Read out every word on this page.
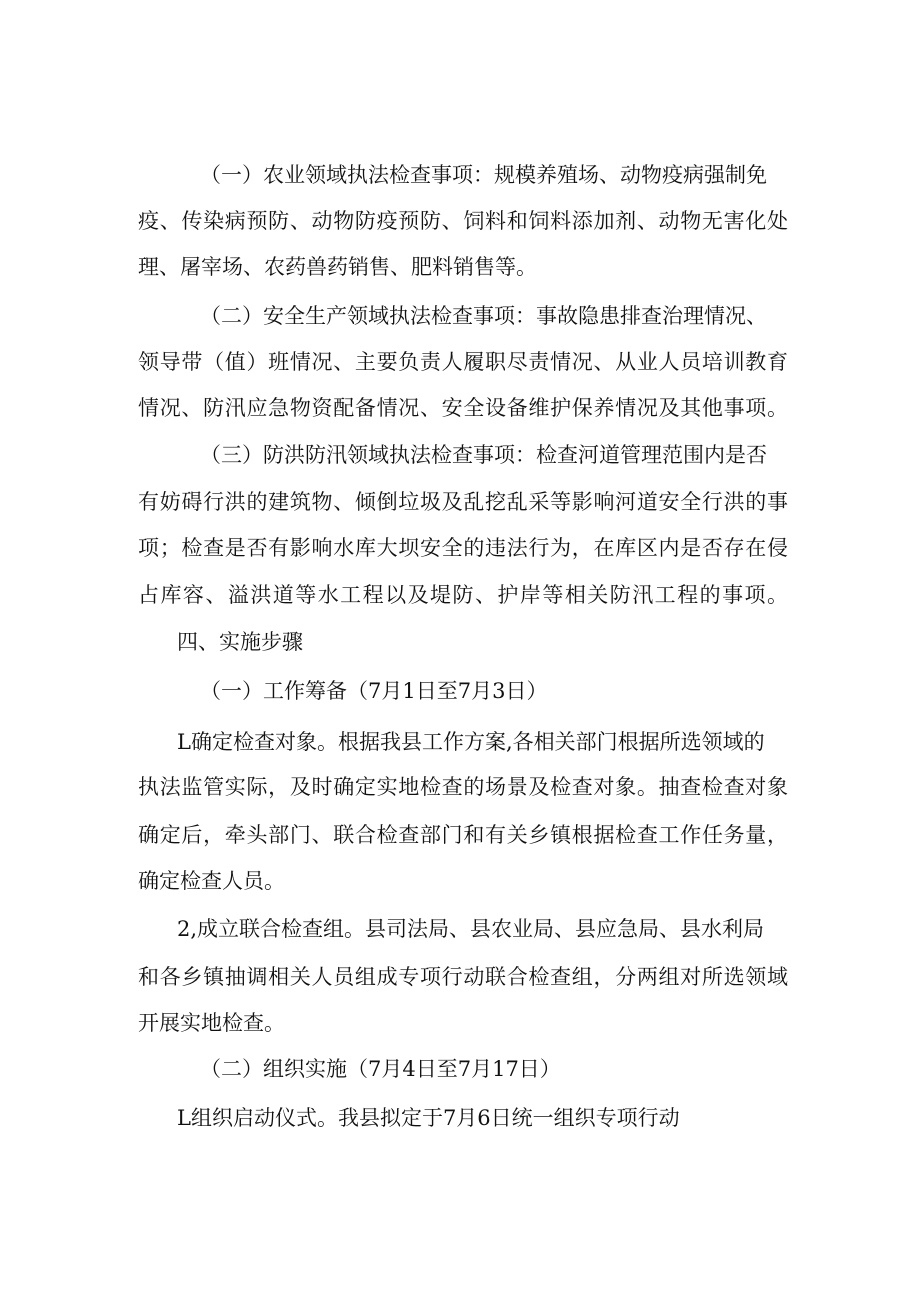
（一）农业领域执法检查事项：规模养殖场、动物疫病强制免
疫、传染病预防、动物防疫预防、饲料和饲料添加剂、动物无害化处
理、屠宰场、农药兽药销售、肥料销售等。
（二）安全生产领域执法检查事项：事故隐患排查治理情况、
领导带（值）班情况、主要负责人履职尽责情况、从业人员培训教育
情况、防汛应急物资配备情况、安全设备维护保养情况及其他事项。
（三）防洪防汛领域执法检查事项：检查河道管理范围内是否
有妨碍行洪的建筑物、倾倒垃圾及乱挖乱采等影响河道安全行洪的事
项；检查是否有影响水库大坝安全的违法行为，在库区内是否存在侵
占库容、溢洪道等水工程以及堤防、护岸等相关防汛工程的事项。
四、实施步骤
（一）工作筹备（7月1日至7月3日）
L确定检查对象。根据我县工作方案,各相关部门根据所选领域的
执法监管实际，及时确定实地检查的场景及检查对象。抽查检查对象
确定后，牵头部门、联合检查部门和有关乡镇根据检查工作任务量，
确定检查人员。
2,成立联合检查组。县司法局、县农业局、县应急局、县水利局
和各乡镇抽调相关人员组成专项行动联合检查组，分两组对所选领域
开展实地检查。
（二）组织实施（7月4日至7月17日）
L组织启动仪式。我县拟定于7月6日统一组织专项行动
